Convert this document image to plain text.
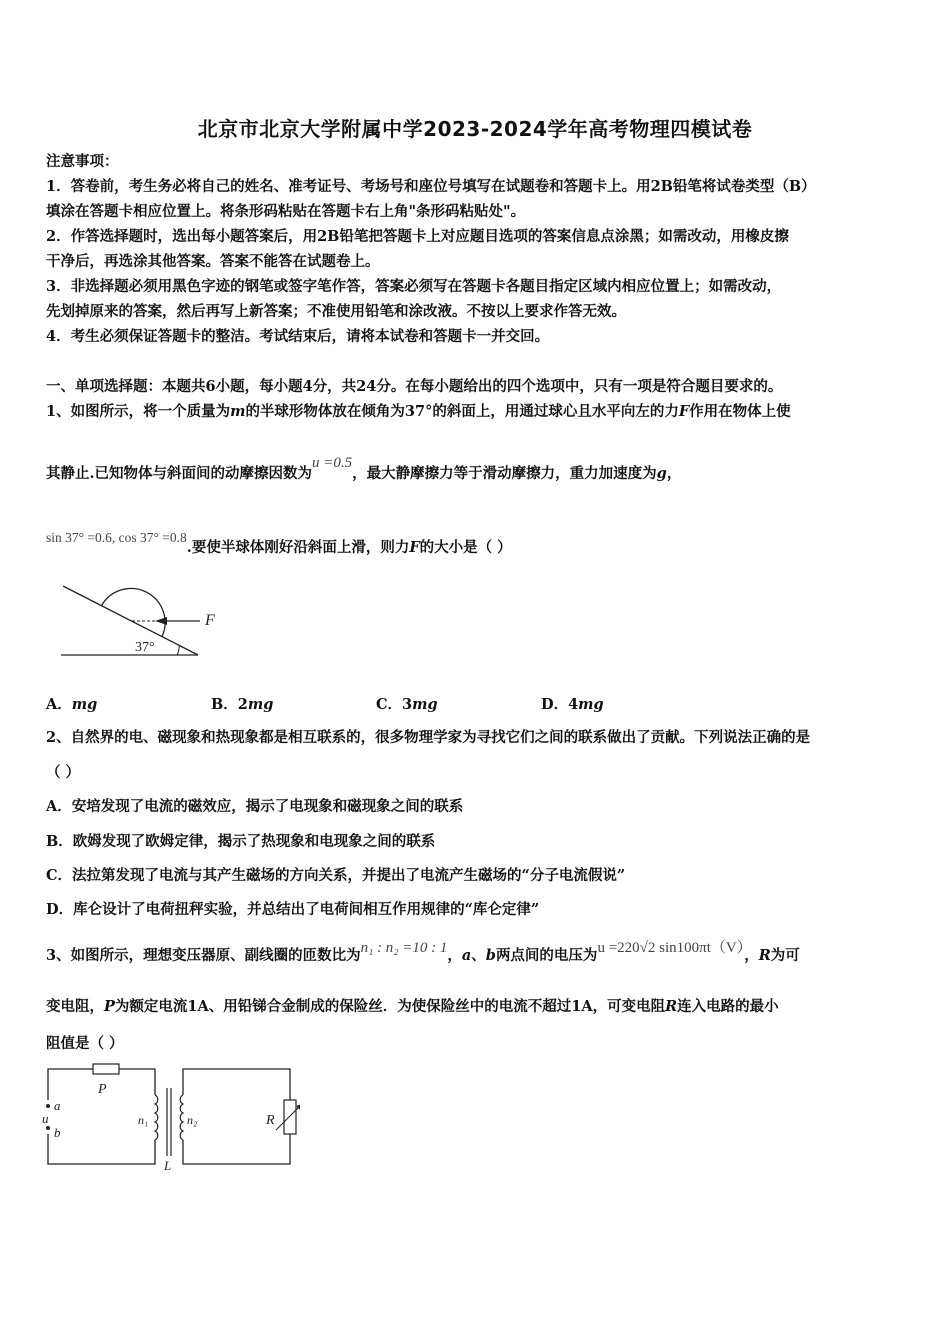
北京市北京大学附属中学2023-2024学年高考物理四模试卷
注意事项：
1．答卷前，考生务必将自己的姓名、准考证号、考场号和座位号填写在试题卷和答题卡上。用2B铅笔将试卷类型（B）
填涂在答题卡相应位置上。将条形码粘贴在答题卡右上角"条形码粘贴处"。
2．作答选择题时，选出每小题答案后，用2B铅笔把答题卡上对应题目选项的答案信息点涂黑；如需改动，用橡皮擦
干净后，再选涂其他答案。答案不能答在试题卷上。
3．非选择题必须用黑色字迹的钢笔或签字笔作答，答案必须写在答题卡各题目指定区域内相应位置上；如需改动，
先划掉原来的答案，然后再写上新答案；不准使用铅笔和涂改液。不按以上要求作答无效。
4．考生必须保证答题卡的整洁。考试结束后，请将本试卷和答题卡一并交回。
一、单项选择题：本题共6小题，每小题4分，共24分。在每小题给出的四个选项中，只有一项是符合题目要求的。
1、如图所示，将一个质量为m的半球形物体放在倾角为37°的斜面上，用通过球心且水平向左的力F作用在物体上使
其静止.已知物体与斜面间的动摩擦因数为u =0.5，最大静摩擦力等于滑动摩擦力，重力加速度为g，
sin 37° =0.6, cos 37° =0.8.要使半球体刚好沿斜面上滑，则力F的大小是（ ）
F
37°
A．mg	B．2mg	C．3mg	D．4mg
2、自然界的电、磁现象和热现象都是相互联系的，很多物理学家为寻找它们之间的联系做出了贡献。下列说法正确的是
（ ）
A．安培发现了电流的磁效应，揭示了电现象和磁现象之间的联系
B．欧姆发现了欧姆定律，揭示了热现象和电现象之间的联系
C．法拉第发现了电流与其产生磁场的方向关系，并提出了电流产生磁场的“分子电流假说”
D．库仑设计了电荷扭秤实验，并总结出了电荷间相互作用规律的“库仑定律”
3、如图所示，理想变压器原、副线圈的匝数比为n₁ : n₂ =10 : 1，a、b两点间的电压为u =220√2 sin100πt（V），R为可
变电阻，P为额定电流1A、用铅锑合金制成的保险丝．为使保险丝中的电流不超过1A，可变电阻R连入电路的最小
阻值是（ ）
P
a
u
b
n₁	n₂	R
L
